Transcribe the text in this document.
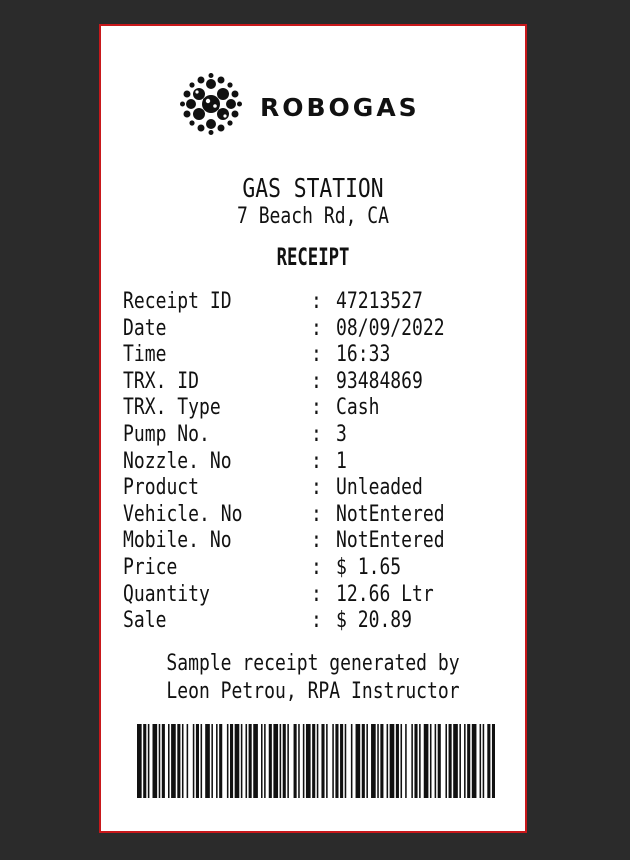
ROBOGAS
GAS STATION
7 Beach Rd, CA
RECEIPT
Receipt ID	: 47213527
Date	: 08/09/2022
Time	: 16:33
TRX. ID	: 93484869
TRX. Type	: Cash
Pump No.	: 3
Nozzle. No	: 1
Product	: Unleaded
Vehicle. No	: NotEntered
Mobile. No	: NotEntered
Price	: $ 1.65
Quantity	: 12.66 Ltr
Sale	: $ 20.89
Sample receipt generated by
Leon Petrou, RPA Instructor
